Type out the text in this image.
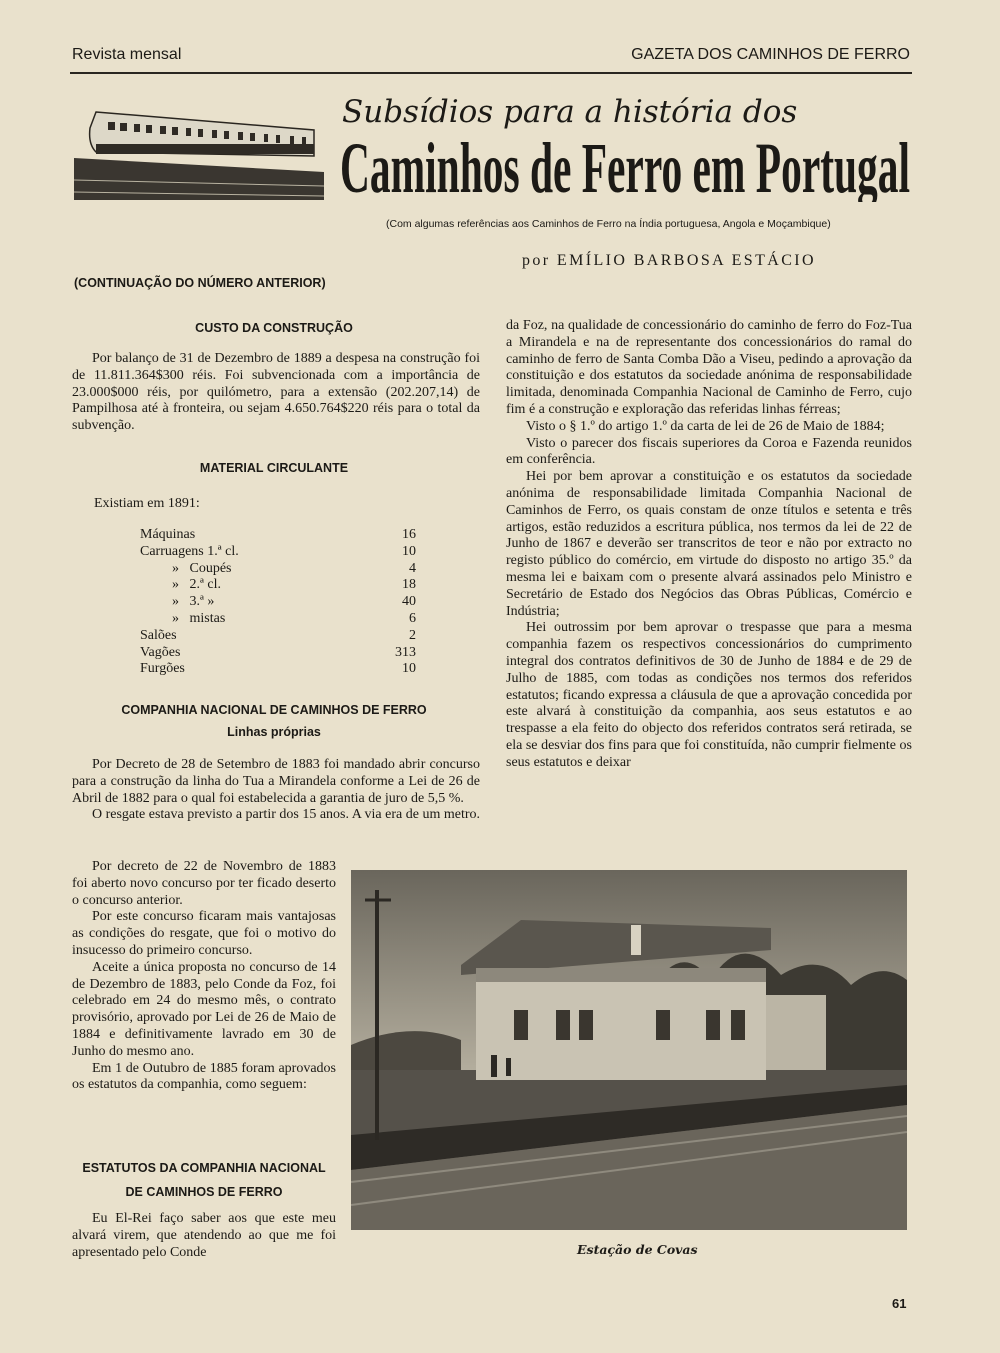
Revista mensal	GAZETA DOS CAMINHOS DE FERRO
Subsídios para a história dos
Caminhos de Ferro em Portugal
(Com algumas referências aos Caminhos de Ferro na Índia portuguesa, Angola e Moçambique)
por EMÍLIO BARBOSA ESTÁCIO
(CONTINUAÇÃO DO NÚMERO ANTERIOR)
CUSTO DA CONSTRUÇÃO

Por balanço de 31 de Dezembro de 1889 a despesa na construção foi de 11.811.364$300 réis. Foi subvencionada com a importância de 23.000$000 réis, por quilómetro, para a extensão (202.207,14) de Pampilhosa até à fronteira, ou sejam 4.650.764$220 réis para o total da subvenção.

MATERIAL CIRCULANTE
Existiam em 1891:
Máquinas	16
Carruagens 1.ª cl.	10
»   Coupés	4
»   2.ª cl.	18
»   3.ª »	40
»   mistas	6
Salões	2
Vagões	313
Furgões	10
COMPANHIA NACIONAL DE CAMINHOS DE FERRO
Linhas próprias

Por Decreto de 28 de Setembro de 1883 foi mandado abrir concurso para a construção da linha do Tua a Mirandela conforme a Lei de 26 de Abril de 1882 para o qual foi estabelecida a garantia de juro de 5,5 %.

O resgate estava previsto a partir dos 15 anos. A via era de um metro.

Por decreto de 22 de Novembro de 1883 foi aberto novo concurso por ter ficado deserto o concurso anterior.

Por este concurso ficaram mais vantajosas as condições do resgate, que foi o motivo do insucesso do primeiro concurso.

Aceite a única proposta no concurso de 14 de Dezembro de 1883, pelo Conde da Foz, foi celebrado em 24 do mesmo mês, o contrato provisório, aprovado por Lei de 26 de Maio de 1884 e definitivamente lavrado em 30 de Junho do mesmo ano.

Em 1 de Outubro de 1885 foram aprovados os estatutos da companhia, como seguem:

ESTATUTOS DA COMPANHIA NACIONAL
DE CAMINHOS DE FERRO

Eu El-Rei faço saber aos que este meu alvará virem, que atendendo ao que me foi apresentado pelo Conde

da Foz, na qualidade de concessionário do caminho de ferro do Foz-Tua a Mirandela e na de representante dos concessionários do ramal do caminho de ferro de Santa Comba Dão a Viseu, pedindo a aprovação da constituição e dos estatutos da sociedade anónima de responsabilidade limitada, denominada Companhia Nacional de Caminho de Ferro, cujo fim é a construção e exploração das referidas linhas férreas;

Visto o § 1.º do artigo 1.º da carta de lei de 26 de Maio de 1884;

Visto o parecer dos fiscais superiores da Coroa e Fazenda reunidos em conferência.

Hei por bem aprovar a constituição e os estatutos da sociedade anónima de responsabilidade limitada Companhia Nacional de Caminhos de Ferro, os quais constam de onze títulos e setenta e três artigos, estão reduzidos a escritura pública, nos termos da lei de 22 de Junho de 1867 e deverão ser transcritos de teor e não por extracto no registo público do comércio, em virtude do disposto no artigo 35.º da mesma lei e baixam com o presente alvará assinados pelo Ministro e Secretário de Estado dos Negócios das Obras Públicas, Comércio e Indústria;

Hei outrossim por bem aprovar o trespasse que para a mesma companhia fazem os respectivos concessionários do cumprimento integral dos contratos definitivos de 30 de Junho de 1884 e de 29 de Julho de 1885, com todas as condições nos termos dos referidos estatutos; ficando expressa a cláusula de que a aprovação concedida por este alvará à constituição da companhia, aos seus estatutos e ao trespasse a ela feito do objecto dos referidos contratos será retirada, se ela se desviar dos fins para que foi constituída, não cumprir fielmente os seus estatutos e deixar

Estação de Covas
61
